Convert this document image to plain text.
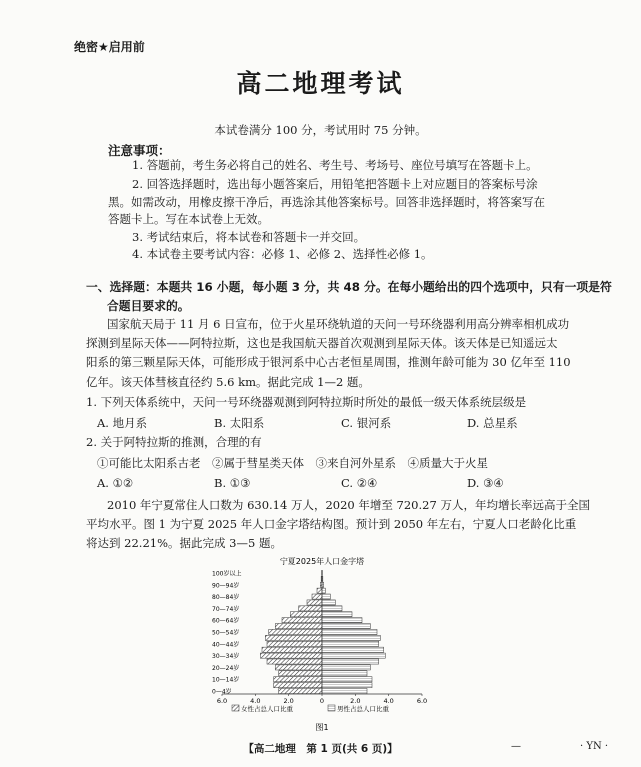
绝密★启用前
高二地理考试
本试卷满分 100 分，考试用时 75 分钟。
注意事项：
1. 答题前，考生务必将自己的姓名、考生号、考场号、座位号填写在答题卡上。
2. 回答选择题时，选出每小题答案后，用铅笔把答题卡上对应题目的答案标号涂
黑。如需改动，用橡皮擦干净后，再选涂其他答案标号。回答非选择题时，将答案写在
答题卡上。写在本试卷上无效。
3. 考试结束后，将本试卷和答题卡一并交回。
4. 本试卷主要考试内容：必修 1、必修 2、选择性必修 1。
一、选择题：本题共 16 小题，每小题 3 分，共 48 分。在每小题给出的四个选项中，只有一项是符
合题目要求的。
国家航天局于 11 月 6 日宣布，位于火星环绕轨道的天问一号环绕器利用高分辨率相机成功
探测到星际天体——阿特拉斯，这也是我国航天器首次观测到星际天体。该天体是已知遥远太
阳系的第三颗星际天体，可能形成于银河系中心古老恒星周围，推测年龄可能为 30 亿年至 110
亿年。该天体彗核直径约 5.6 km。据此完成 1—2 题。
1. 下列天体系统中，天问一号环绕器观测到阿特拉斯时所处的最低一级天体系统层级是
A. 地月系	B. 太阳系	C. 银河系	D. 总星系
2. 关于阿特拉斯的推测，合理的有
①可能比太阳系古老　②属于彗星类天体　③来自河外星系　④质量大于火星
A. ①②	B. ①③	C. ②④	D. ③④
2010 年宁夏常住人口数为 630.14 万人，2020 年增至 720.27 万人，年均增长率远高于全国
平均水平。图 1 为宁夏 2025 年人口金字塔结构图。预计到 2050 年左右，宁夏人口老龄化比重
将达到 22.21%。据此完成 3—5 题。
宁夏2025年人口金字塔
0—4岁
10—14岁
20—24岁
30—34岁
40—44岁
50—54岁
60—64岁
70—74岁
80—84岁
90—94岁
100岁以上
6.0	4.0	2.0	0	2.0	4.0	6.0
女性占总人口比重	男性占总人口比重
图1
【高二地理　第 1 页(共 6 页)】	—	· YN ·
